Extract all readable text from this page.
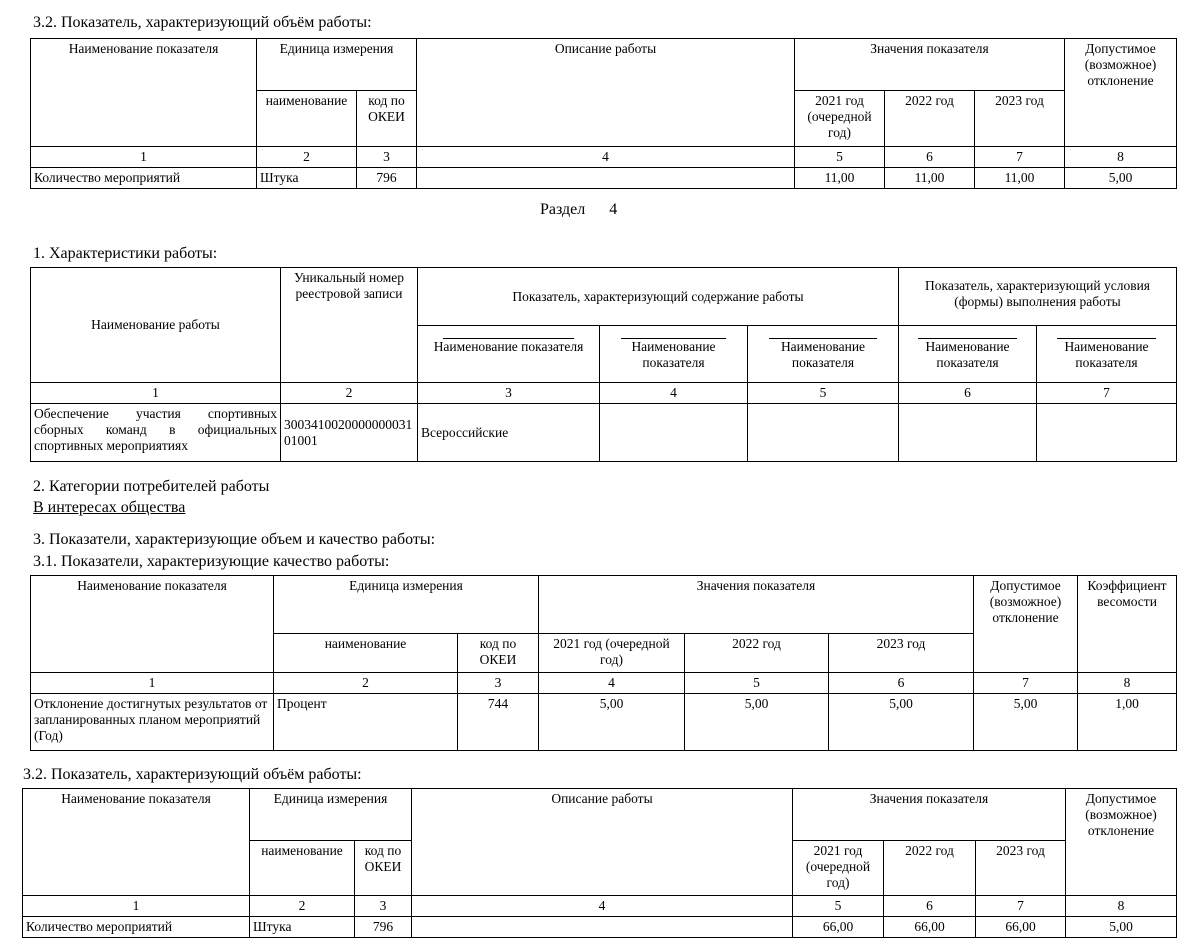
3.2. Показатель, характеризующий объём работы:
Наименование показателя	Единица измерения		Описание работы	Значения показателя			Допустимое (возможное) отклонение
	наименование	код по ОКЕИ		2021 год (очередной год)	2022 год	2023 год	
1	2	3	4	5	6	7	8
Количество мероприятий	Штука	796		11,00	11,00	11,00	5,00
Раздел 4
1. Характеристики работы:
Наименование работы	Уникальный номер реестровой записи	Показатель, характеризующий содержание работы			Показатель, характеризующий условия (формы) выполнения работы	

		Наименование показателя	Наименование показателя	Наименование показателя	Наименование показателя	Наименование показателя

1	2	3	4	5	6	7
Обеспечение участия спортивных сборных команд в официальных спортивных мероприятиях	300341002000000003101001	Всероссийские				
2. Категории потребителей работы
В интересах общества
3. Показатели, характеризующие объем и качество работы:
3.1. Показатели, характеризующие качество работы:
Наименование показателя	Единица измерения		Значения показателя			Допустимое (возможное) отклонение	Коэффициент весомости
	наименование	код по ОКЕИ	2021 год (очередной год)	2022 год	2023 год		
1	2	3	4	5	6	7	8
Отклонение достигнутых результатов от запланированных планом мероприятий (Год)	Процент	744	5,00	5,00	5,00	5,00	1,00
3.2. Показатель, характеризующий объём работы:
Наименование показателя	Единица измерения		Описание работы	Значения показателя			Допустимое (возможное) отклонение
	наименование	код по ОКЕИ		2021 год (очередной год)	2022 год	2023 год	
1	2	3	4	5	6	7	8
Количество мероприятий	Штука	796		66,00	66,00	66,00	5,00
